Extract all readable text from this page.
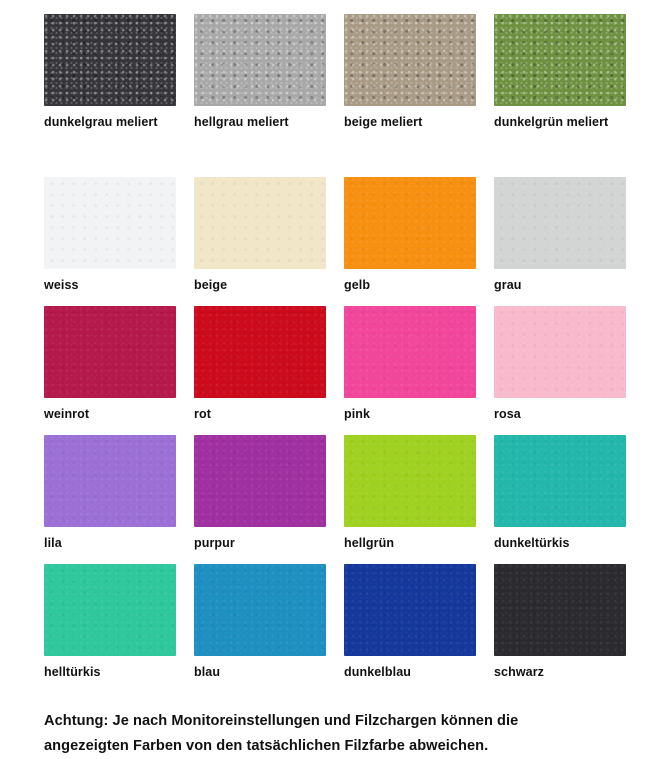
dunkelgrau meliert	hellgrau meliert	beige meliert	dunkelgrün meliert
weiss	beige	gelb	grau
weinrot	rot	pink	rosa
lila	purpur	hellgrün	dunkeltürkis
helltürkis	blau	dunkelblau	schwarz
Achtung: Je nach Monitoreinstellungen und Filzchargen können die
angezeigten Farben von den tatsächlichen Filzfarbe abweichen.
